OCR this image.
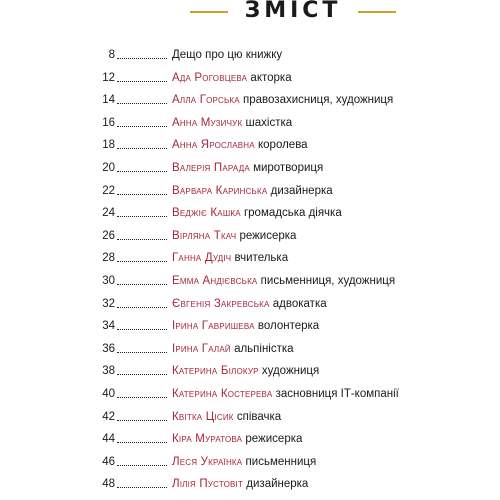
ЗМІСТ
8	Дещо про цю книжку
12	Ада Роговцева акторка
14	Алла Горська правозахисниця, художниця
16	Анна Музичук шахістка
18	Анна Ярославна королева
20	Валерія Парада миротвориця
22	Варвара Каринська дизайнерка
24	Веджіє Кашка громадська діячка
26	Вірляна Ткач режисерка
28	Ганна Дудіч вчителька
30	Емма Андієвська письменниця, художниця
32	Євгенія Закревська адвокатка
34	Ірина Гавришева волонтерка
36	Ірина Галай альпіністка
38	Катерина Білокур художниця
40	Катерина Костерева засновниця ІТ-компанії
42	Квітка Цісик співачка
44	Кіра Муратова режисерка
46	Леся Українка письменниця
48	Лілія Пустовіт дизайнерка
